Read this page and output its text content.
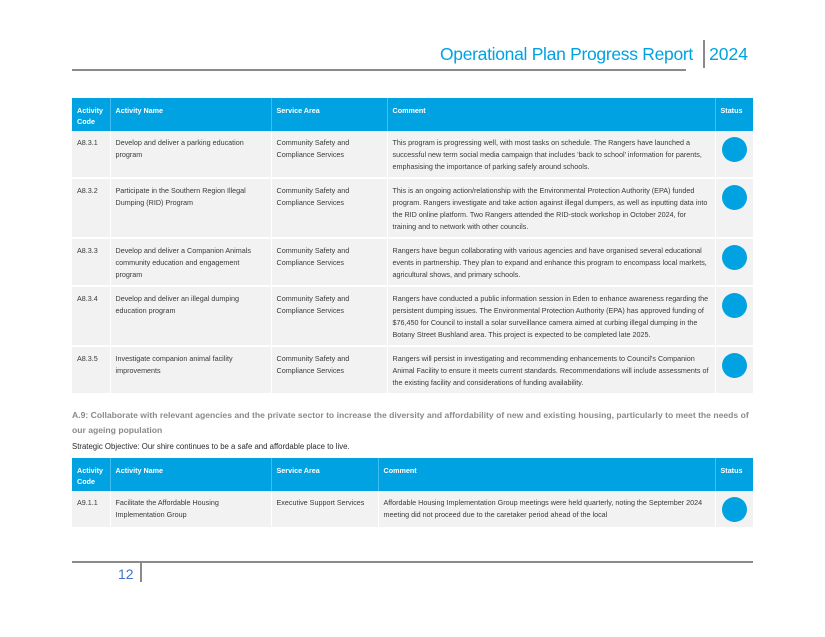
Operational Plan Progress Report 2024
Activity Code	Activity Name	Service Area	Comment	Status
A8.3.1	Develop and deliver a parking education program	Community Safety and Compliance Services	This program is progressing well, with most tasks on schedule. The Rangers have launched a successful new term social media campaign that includes ‘back to school’ information for parents, emphasising the importance of parking safely around schools.	

A8.3.2	Participate in the Southern Region Illegal Dumping (RID) Program	Community Safety and Compliance Services	This is an ongoing action/relationship with the Environmental Protection Authority (EPA) funded program. Rangers investigate and take action against illegal dumpers, as well as inputting data into the RID online platform. Two Rangers attended the RID-stock workshop in October 2024, for training and to network with other councils.	

A8.3.3	Develop and deliver a Companion Animals community education and engagement program	Community Safety and Compliance Services	Rangers have begun collaborating with various agencies and have organised several educational events in partnership. They plan to expand and enhance this program to encompass local markets, agricultural shows, and primary schools.	

A8.3.4	Develop and deliver an illegal dumping education program	Community Safety and Compliance Services	Rangers have conducted a public information session in Eden to enhance awareness regarding the persistent dumping issues. The Environmental Protection Authority (EPA) has approved funding of $76,450 for Council to install a solar surveillance camera aimed at curbing illegal dumping in the Botany Street Bushland area. This project is expected to be completed late 2025.	

A8.3.5	Investigate companion animal facility improvements	Community Safety and Compliance Services	Rangers will persist in investigating and recommending enhancements to Council's Companion Animal Facility to ensure it meets current standards. Recommendations will include assessments of the existing facility and considerations of funding availability.	
A.9: Collaborate with relevant agencies and the private sector to increase the diversity and affordability of new and existing housing, particularly to meet the needs of our ageing population
Strategic Objective: Our shire continues to be a safe and affordable place to live.
Activity Code	Activity Name	Service Area	Comment	Status
A9.1.1	Facilitate the Affordable Housing Implementation Group	Executive Support Services	Affordable Housing Implementation Group meetings were held quarterly, noting the September 2024 meeting did not proceed due to the caretaker period ahead of the local	
12
